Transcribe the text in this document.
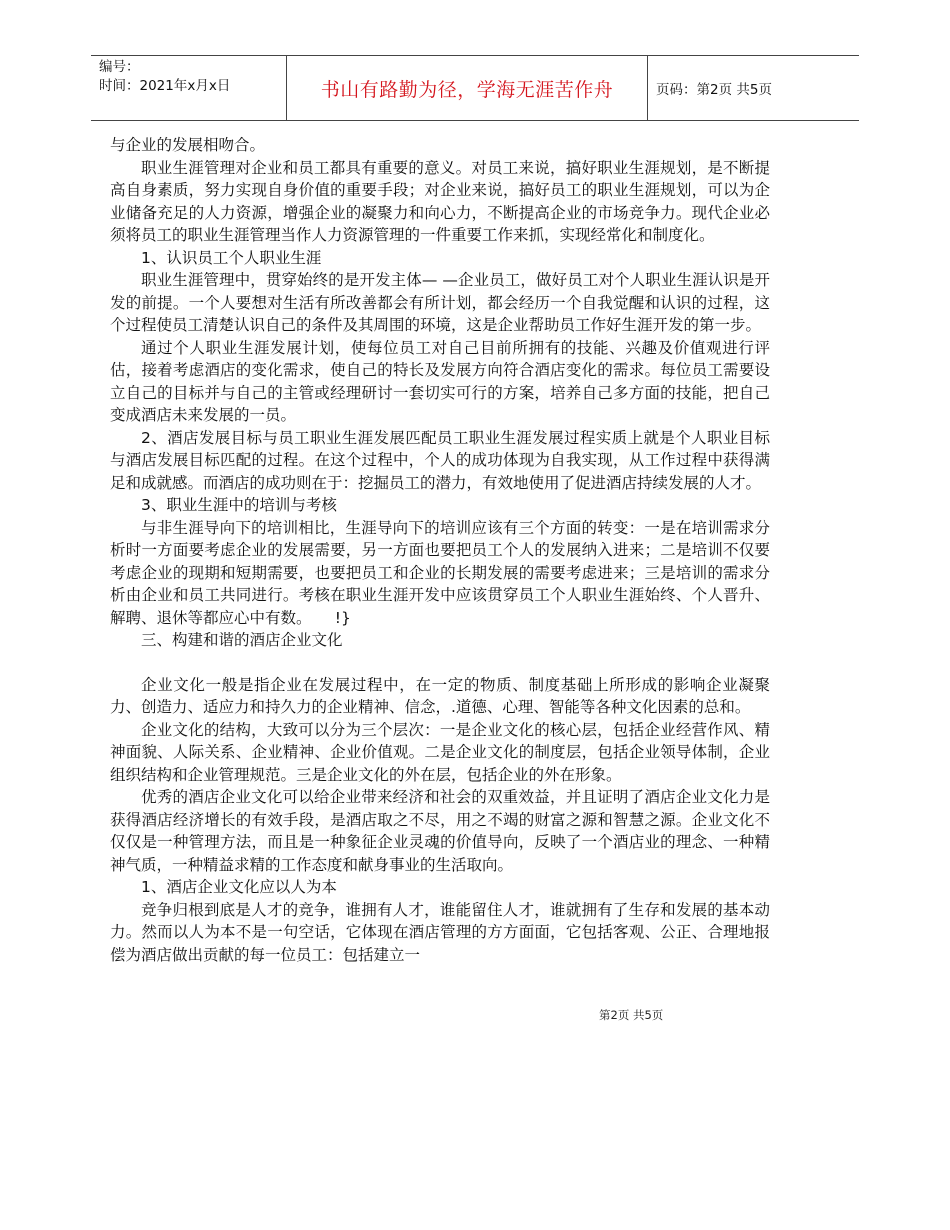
编号：
时间：2021年x月x日	书山有路勤为径，学海无涯苦作舟	页码：第2页 共5页

与企业的发展相吻合。

职业生涯管理对企业和员工都具有重要的意义。对员工来说，搞好职业生涯规划，是不断提高自身素质，努力实现自身价值的重要手段；对企业来说，搞好员工的职业生涯规划，可以为企业储备充足的人力资源，增强企业的凝聚力和向心力，不断提高企业的市场竞争力。现代企业必须将员工的职业生涯管理当作人力资源管理的一件重要工作来抓，实现经常化和制度化。

1、认识员工个人职业生涯

职业生涯管理中，贯穿始终的是开发主体— —企业员工，做好员工对个人职业生涯认识是开发的前提。一个人要想对生活有所改善都会有所计划，都会经历一个自我觉醒和认识的过程，这个过程使员工清楚认识自己的条件及其周围的环境，这是企业帮助员工作好生涯开发的第一步。

通过个人职业生涯发展计划，使每位员工对自己目前所拥有的技能、兴趣及价值观进行评估，接着考虑酒店的变化需求，使自己的特长及发展方向符合酒店变化的需求。每位员工需要设立自己的目标并与自己的主管或经理研讨一套切实可行的方案，培养自己多方面的技能，把自己变成酒店未来发展的一员。

2、酒店发展目标与员工职业生涯发展匹配员工职业生涯发展过程实质上就是个人职业目标与酒店发展目标匹配的过程。在这个过程中，个人的成功体现为自我实现，从工作过程中获得满足和成就感。而酒店的成功则在于：挖掘员工的潜力，有效地使用了促进酒店持续发展的人才。

3、职业生涯中的培训与考核

与非生涯导向下的培训相比，生涯导向下的培训应该有三个方面的转变：一是在培训需求分析时一方面要考虑企业的发展需要，另一方面也要把员工个人的发展纳入进来；二是培训不仅要考虑企业的现期和短期需要，也要把员工和企业的长期发展的需要考虑进来；三是培训的需求分析由企业和员工共同进行。考核在职业生涯开发中应该贯穿员工个人职业生涯始终、个人晋升、解聘、退休等都应心中有数。　　!}

三、构建和谐的酒店企业文化

企业文化一般是指企业在发展过程中，在一定的物质、制度基础上所形成的影响企业凝聚力、创造力、适应力和持久力的企业精神、信念，.道德、心理、智能等各种文化因素的总和。

企业文化的结构，大致可以分为三个层次：一是企业文化的核心层，包括企业经营作风、精神面貌、人际关系、企业精神、企业价值观。二是企业文化的制度层，包括企业领导体制，企业组织结构和企业管理规范。三是企业文化的外在层，包括企业的外在形象。

优秀的酒店企业文化可以给企业带来经济和社会的双重效益，并且证明了酒店企业文化力是获得酒店经济增长的有效手段，是酒店取之不尽，用之不竭的财富之源和智慧之源。企业文化不仅仅是一种管理方法，而且是一种象征企业灵魂的价值导向，反映了一个酒店业的理念、一种精神气质，一种精益求精的工作态度和献身事业的生活取向。

1、酒店企业文化应以人为本

竞争归根到底是人才的竞争，谁拥有人才，谁能留住人才，谁就拥有了生存和发展的基本动力。然而以人为本不是一句空话，它体现在酒店管理的方方面面，它包括客观、公正、合理地报偿为酒店做出贡献的每一位员工：包括建立一

第2页 共5页
